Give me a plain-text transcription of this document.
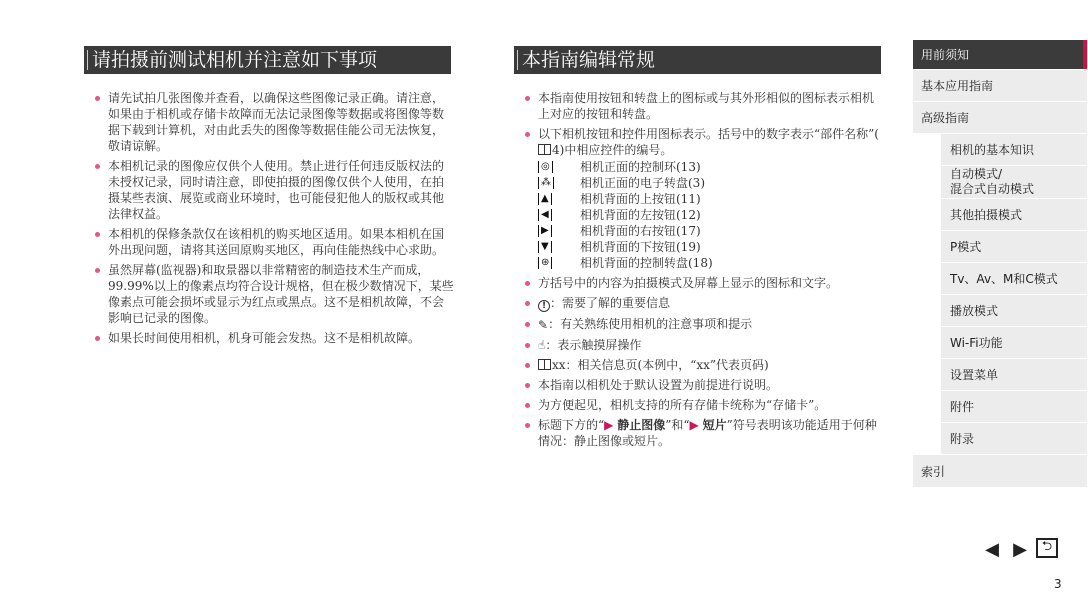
请拍摄前测试相机并注意如下事项
请先试拍几张图像并查看，以确保这些图像记录正确。请注意，如果由于相机或存储卡故障而无法记录图像等数据或将图像等数据下载到计算机，对由此丢失的图像等数据佳能公司无法恢复，敬请谅解。
本相机记录的图像应仅供个人使用。禁止进行任何违反版权法的未授权记录，同时请注意，即使拍摄的图像仅供个人使用，在拍摄某些表演、展览或商业环境时，也可能侵犯他人的版权或其他法律权益。
本相机的保修条款仅在该相机的购买地区适用。如果本相机在国外出现问题，请将其送回原购买地区，再向佳能热线中心求助。
虽然屏幕(监视器)和取景器以非常精密的制造技术生产而成，99.99%以上的像素点均符合设计规格，但在极少数情况下，某些像素点可能会损坏或显示为红点或黑点。这不是相机故障，不会影响已记录的图像。
如果长时间使用相机，机身可能会发热。这不是相机故障。
本指南编辑常规
本指南使用按钮和转盘上的图标或与其外形相似的图标表示相机上对应的按钮和转盘。
以下相机按钮和控件用图标表示。括号中的数字表示“部件名称”(4)中相应控件的编号。
◎	相机正面的控制环(13)
⁂ 相机正面的电子转盘(3)
▲	相机背面的上按钮(11)
◀	相机背面的左按钮(12)
▶	相机背面的右按钮(17)
▼	相机背面的下按钮(19)
⊛	相机背面的控制转盘(18)
方括号中的内容为拍摄模式及屏幕上显示的图标和文字。
! ：需要了解的重要信息
✎：有关熟练使用相机的注意事项和提示
☝：表示触摸屏操作
xx：相关信息页(本例中，“xx”代表页码)
本指南以相机处于默认设置为前提进行说明。
为方便起见，相机支持的所有存储卡统称为“存储卡”。
标题下方的“▶ 静止图像”和“▶ 短片”符号表明该功能适用于何种情况：静止图像或短片。
用前须知
基本应用指南
高级指南
相机的基本知识
自动模式/
混合式自动模式
其他拍摄模式
P模式
Tv、Av、M和C模式
播放模式
Wi-Fi功能
设置菜单
附件
附录
索引
◀ ▶	⮌
3
